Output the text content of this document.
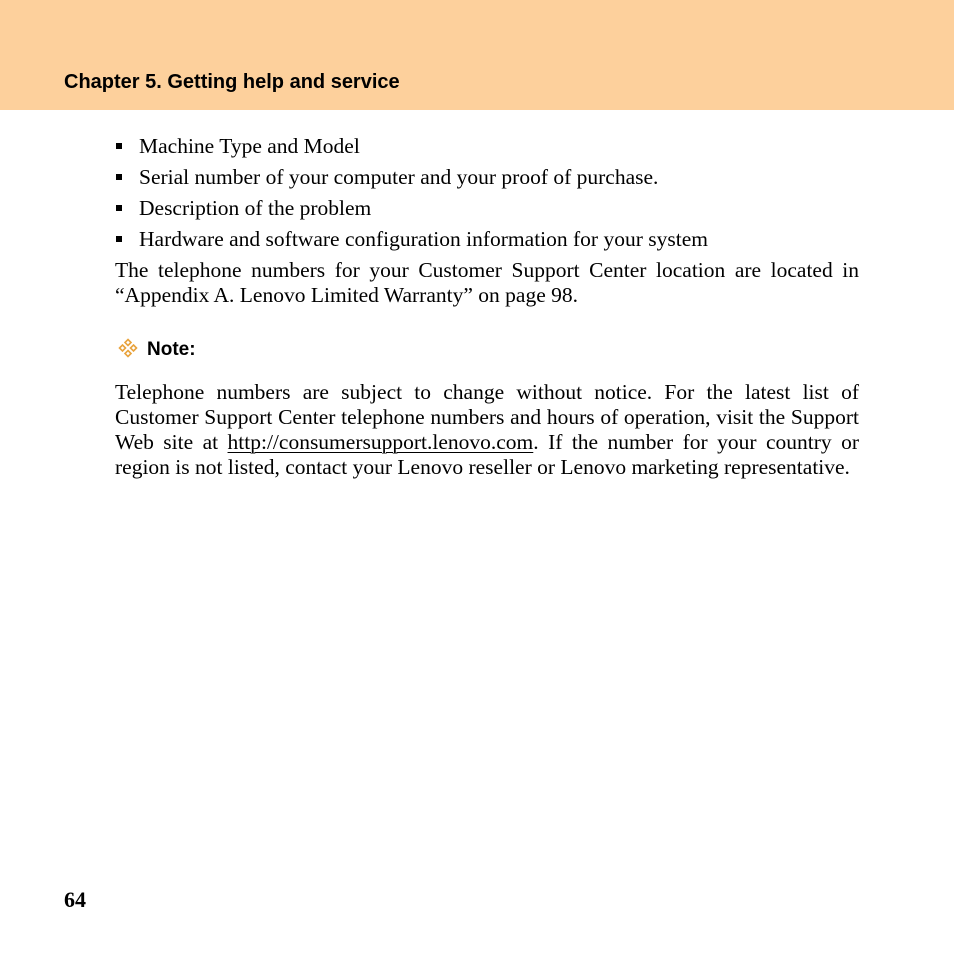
Chapter 5. Getting help and service
Machine Type and Model
Serial number of your computer and your proof of purchase.
Description of the problem
Hardware and software configuration information for your system

The telephone numbers for your Customer Support Center location are located in “Appendix A. Lenovo Limited Warranty” on page 98.

Note:

Telephone numbers are subject to change without notice. For the latest list of Customer Support Center telephone numbers and hours of operation, visit the Support Web site at http://consumersupport.lenovo.com. If the number for your country or region is not listed, contact your Lenovo reseller or Lenovo marketing representative.

64
